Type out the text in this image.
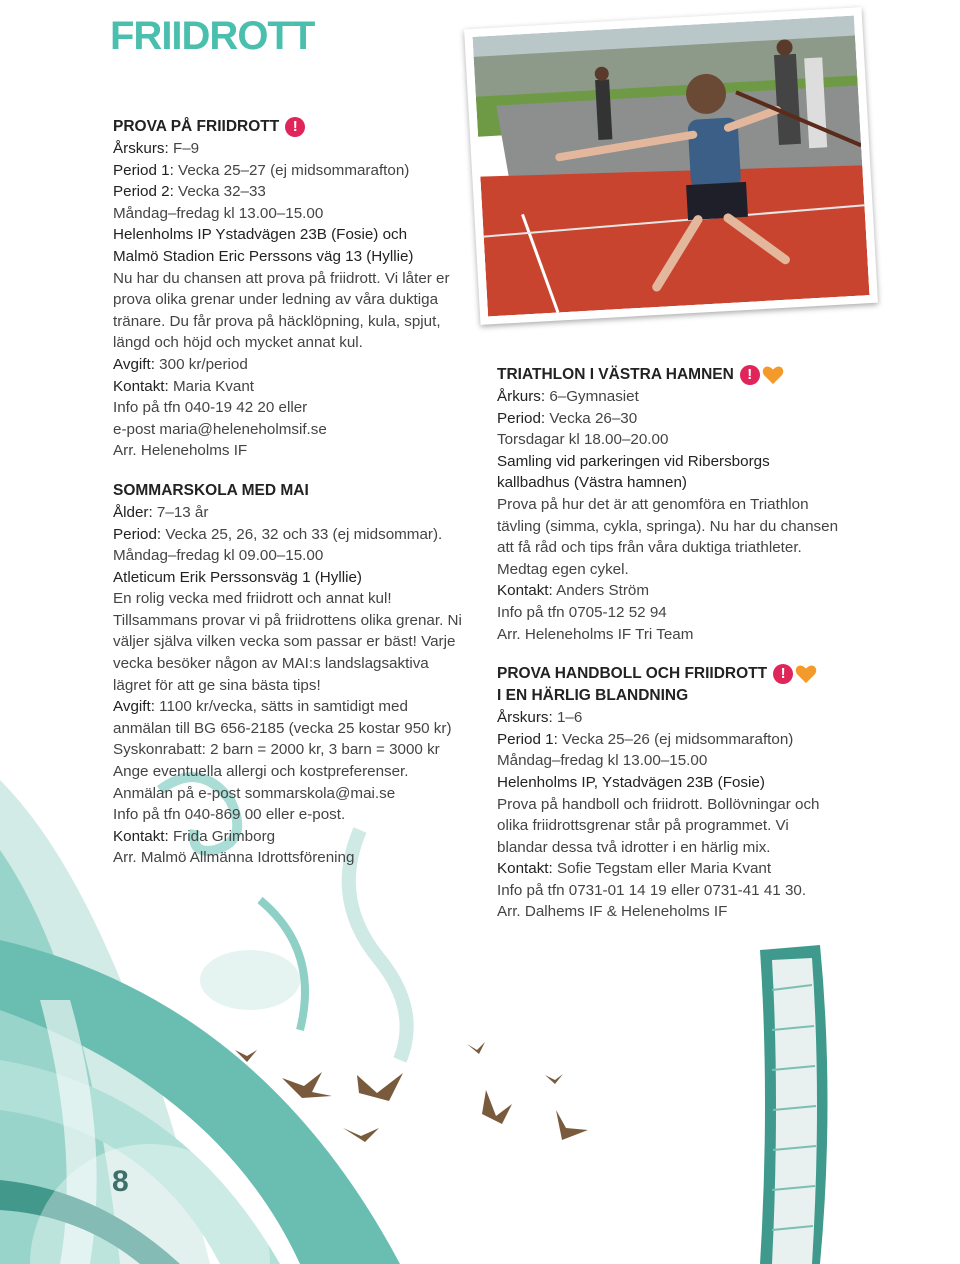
FRIIDROTT
PROVA PÅ FRIIDROTT !
Årskurs: F–9
Period 1: Vecka 25–27 (ej midsommarafton)
Period 2: Vecka 32–33
Måndag–fredag kl 13.00–15.00
Helenholms IP Ystadvägen 23B (Fosie) och
Malmö Stadion Eric Perssons väg 13 (Hyllie)
Nu har du chansen att prova på friidrott. Vi låter er prova olika grenar under ledning av våra duktiga tränare. Du får prova på häcklöpning, kula, spjut, längd och höjd och mycket annat kul.
Avgift: 300 kr/period
Kontakt: Maria Kvant
Info på tfn 040-19 42 20 eller
e-post maria@heleneholmsif.se
Arr. Heleneholms IF
SOMMARSKOLA MED MAI
Ålder: 7–13 år
Period: Vecka 25, 26, 32 och 33 (ej midsommar).
Måndag–fredag kl 09.00–15.00
Atleticum Erik Perssonsväg 1 (Hyllie)
En rolig vecka med friidrott och annat kul! Tillsammans provar vi på friidrottens olika grenar. Ni väljer själva vilken vecka som passar er bäst! Varje vecka besöker någon av MAI:s landslagsaktiva lägret för att ge sina bästa tips!
Avgift: 1100 kr/vecka, sätts in samtidigt med anmälan till BG 656-2185 (vecka 25 kostar 950 kr)
Syskonrabatt: 2 barn = 2000 kr, 3 barn = 3000 kr
Ange eventuella allergi och kostpreferenser.
Anmälan på e-post sommarskola@mai.se
Info på tfn 040-869 00 eller e-post.
Kontakt: Frida Grimborg
Arr. Malmö Allmänna Idrottsförening
TRIATHLON I VÄSTRA HAMNEN !
Årkurs: 6–Gymnasiet
Period: Vecka 26–30
Torsdagar kl 18.00–20.00
Samling vid parkeringen vid Ribersborgs
kallbadhus (Västra hamnen)
Prova på hur det är att genomföra en Triathlon tävling (simma, cykla, springa). Nu har du chansen att få råd och tips från våra duktiga triathleter. Medtag egen cykel.
Kontakt: Anders Ström
Info på tfn 0705-12 52 94
Arr. Heleneholms IF Tri Team
PROVA HANDBOLL OCH FRIIDROTT !
I EN HÄRLIG BLANDNING
Årskurs: 1–6
Period 1: Vecka 25–26 (ej midsommarafton)
Måndag–fredag kl 13.00–15.00
Helenholms IP, Ystadvägen 23B (Fosie)
Prova på handboll och friidrott. Bollövningar och olika friidrottsgrenar står på programmet. Vi blandar dessa två idrotter i en härlig mix.
Kontakt: Sofie Tegstam eller Maria Kvant
Info på tfn 0731-01 14 19 eller 0731-41 41 30.
Arr. Dalhems IF & Heleneholms IF
8
